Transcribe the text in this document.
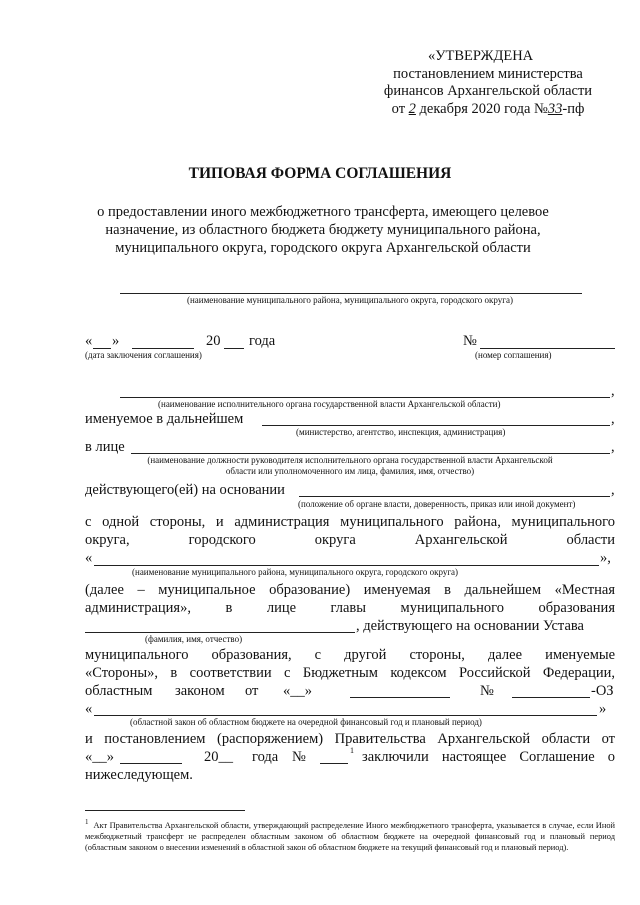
«УТВЕРЖДЕНА
постановлением министерства
финансов Архангельской области
от 2 декабря 2020 года №33-пф
ТИПОВАЯ ФОРМА СОГЛАШЕНИЯ
о предоставлении иного межбюджетного трансферта, имеющего целевое назначение, из областного бюджета бюджету муниципального района, муниципального округа, городского округа Архангельской области
(наименование муниципального района, муниципального округа, городского округа)
« »	20 года	№
(дата заключения соглашения)	(номер соглашения)
,
(наименование исполнительного органа государственной власти Архангельской области)
именуемое в дальнейшем	,
(министерство, агентство, инспекция, администрация)
в лице	,
(наименование должности руководителя исполнительного органа государственной власти Архангельской
области или уполномоченного им лица, фамилия, имя, отчество)
действующего(ей) на основании	,
(положение об органе власти, доверенность, приказ или иной документ)
с одной стороны, и администрация муниципального района, муниципального
округа,	городского	округа	Архангельской	области
«	»,
(наименование муниципального района, муниципального округа, городского округа)
(далее – муниципальное образование) именуемая в дальнейшем «Местная
администрация», в лице главы муниципального образования
, действующего на основании Устава
(фамилия, имя, отчество)
муниципального образования, с другой стороны, далее именуемые
«Стороны», в соответствии с Бюджетным кодексом Российской Федерации,
областным законом от «__»	№	-ОЗ
«	»
(областной закон об областном бюджете на очередной финансовый год и плановый период)
и постановлением (распоряжением) Правительства Архангельской области от
«__»	20__ года №	1 заключили настоящее Соглашение о
нижеследующем.
$^1$ Акт Правительства Архангельской области, утверждающий распределение Иного межбюджетного трансферта, указывается в случае, если Иной межбюджетный трансферт не распределен областным законом об областном бюджете на очередной финансовый год и плановый период (областным законом о внесении изменений в областной закон об областном бюджете на текущий финансовый год и плановый период).
